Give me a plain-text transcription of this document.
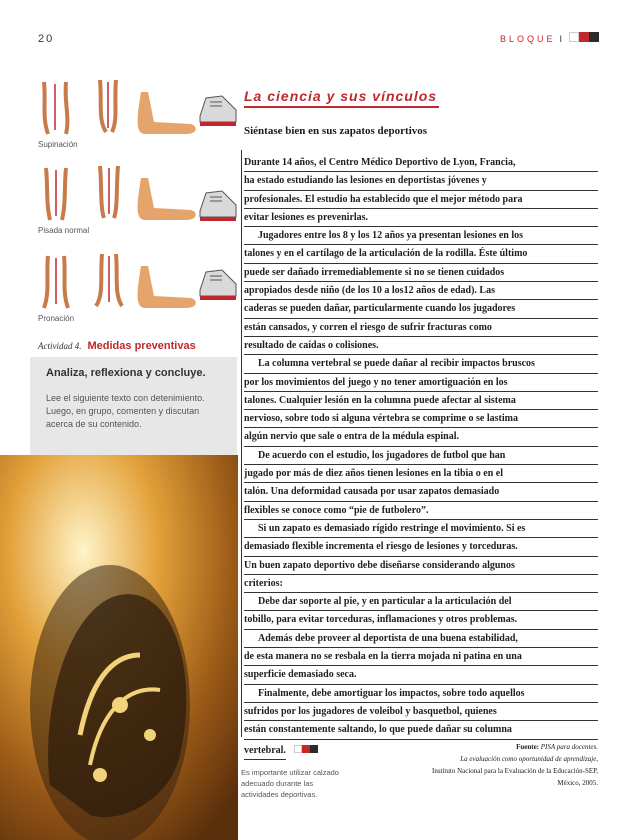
20	BLOQUE I
Supinación
Pisada normal
Pronación
Actividad 4. Medidas preventivas
Analiza, reflexiona y concluye.
Lee el siguiente texto con detenimiento. Luego, en grupo, comenten y discutan acerca de su contenido.
Es importante utilizar calzado adecuado durante las actividades deportivas.
La ciencia y sus vínculos
Siéntase bien en sus zapatos deportivos
Durante 14 años, el Centro Médico Deportivo de Lyon, Francia,
ha estado estudiando las lesiones en deportistas jóvenes y
profesionales. El estudio ha establecido que el mejor método para
evitar lesiones es prevenirlas.
Jugadores entre los 8 y los 12 años ya presentan lesiones en los
talones y en el cartílago de la articulación de la rodilla. Éste último
puede ser dañado irremediablemente si no se tienen cuidados
apropiados desde niño (de los 10 a los12 años de edad). Las
caderas se pueden dañar, particularmente cuando los jugadores
están cansados, y corren el riesgo de sufrir fracturas como
resultado de caídas o colisiones.
La columna vertebral se puede dañar al recibir impactos bruscos
por los movimientos del juego y no tener amortiguación en los
talones. Cualquier lesión en la columna puede afectar al sistema
nervioso, sobre todo si alguna vértebra se comprime o se lastima
algún nervio que sale o entra de la médula espinal.
De acuerdo con el estudio, los jugadores de futbol que han
jugado por más de diez años tienen lesiones en la tibia o en el
talón. Una deformidad causada por usar zapatos demasiado
flexibles se conoce como “pie de futbolero”.
Si un zapato es demasiado rígido restringe el movimiento. Si es
demasiado flexible incrementa el riesgo de lesiones y torceduras.
Un buen zapato deportivo debe diseñarse considerando algunos
criterios:
Debe dar soporte al pie, y en particular a la articulación del
tobillo, para evitar torceduras, inflamaciones y otros problemas.
Además debe proveer al deportista de una buena estabilidad,
de esta manera no se resbala en la tierra mojada ni patina en una
superficie demasiado seca.
Finalmente, debe amortiguar los impactos, sobre todo aquellos
sufridos por los jugadores de voleibol y basquetbol, quienes
están constantemente saltando, lo que puede dañar su columna
vertebral.	Fuente: PISA para docentes.
La evaluación como oportunidad de aprendizaje,
Instituto Nacional para la Evaluación de la Educación-SEP,
México, 2005.
